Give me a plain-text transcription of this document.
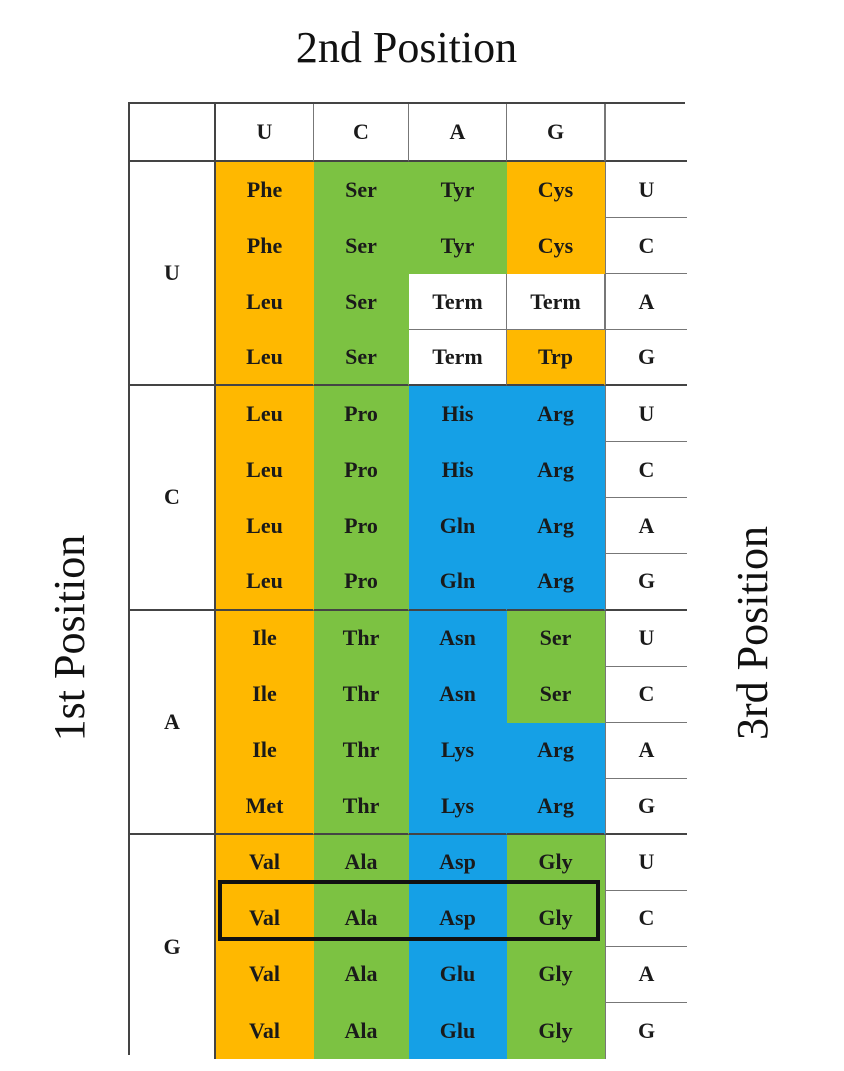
2nd Position
1st Position	3rd Position
U	C	A	G
U
Phe	Ser	Tyr	Cys	U
Phe	Ser	Tyr	Cys	C
Leu	Ser	Term	Term	A
Leu	Ser	Term	Trp	G
C
Leu	Pro	His	Arg	U
Leu	Pro	His	Arg	C
Leu	Pro	Gln	Arg	A
Leu	Pro	Gln	Arg	G
A
Ile	Thr	Asn	Ser	U
Ile	Thr	Asn	Ser	C
Ile	Thr	Lys	Arg	A
Met	Thr	Lys	Arg	G
G
Val	Ala	Asp	Gly	U
Val	Ala	Asp	Gly	C
Val	Ala	Glu	Gly	A
Val	Ala	Glu	Gly	G
